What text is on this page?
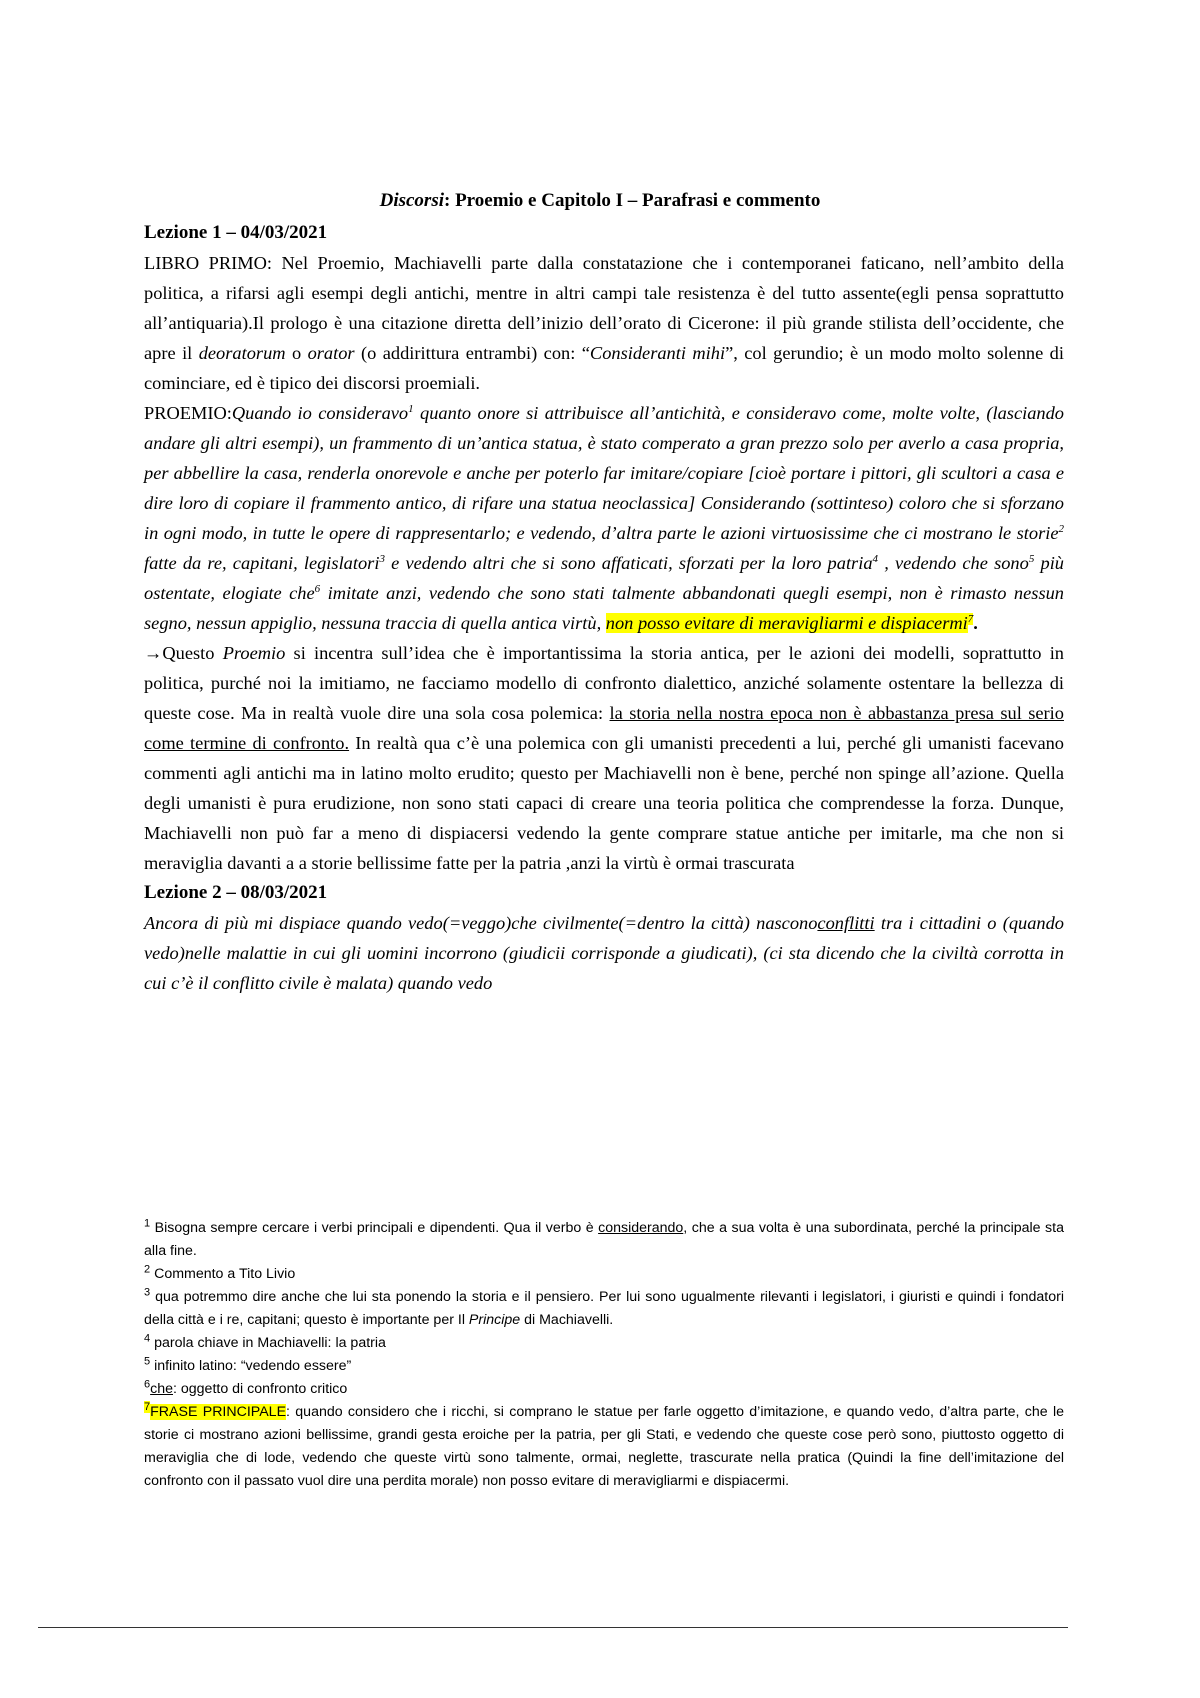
Discorsi: Proemio e Capitolo I – Parafrasi e commento
Lezione 1 – 04/03/2021
LIBRO PRIMO: Nel Proemio, Machiavelli parte dalla constatazione che i contemporanei faticano, nell’ambito della politica, a rifarsi agli esempi degli antichi, mentre in altri campi tale resistenza è del tutto assente(egli pensa soprattutto all’antiquaria).Il prologo è una citazione diretta dell’inizio dell’orato di Cicerone: il più grande stilista dell’occidente, che apre il deoratorum o orator (o addirittura entrambi) con: “Consideranti mihi”, col gerundio; è un modo molto solenne di cominciare, ed è tipico dei discorsi proemiali.
PROEMIO:Quando io consideravo$^1$ quanto onore si attribuisce all’antichità, e consideravo come, molte volte, (lasciando andare gli altri esempi), un frammento di un’antica statua, è stato comperato a gran prezzo solo per averlo a casa propria, per abbellire la casa, renderla onorevole e anche per poterlo far imitare/copiare [cioè portare i pittori, gli scultori a casa e dire loro di copiare il frammento antico, di rifare una statua neoclassica] Considerando (sottinteso) coloro che si sforzano in ogni modo, in tutte le opere di rappresentarlo; e vedendo, d’altra parte le azioni virtuosissime che ci mostrano le storie$^2$ fatte da re, capitani, legislatori$^3$ e vedendo altri che si sono affaticati, sforzati per la loro patria$^4$ , vedendo che sono$^5$ più ostentate, elogiate che$^6$ imitate anzi, vedendo che sono stati talmente abbandonati quegli esempi, non è rimasto nessun segno, nessun appiglio, nessuna traccia di quella antica virtù, non posso evitare di meravigliarmi e dispiacermi$^7$.
→Questo Proemio si incentra sull’idea che è importantissima la storia antica, per le azioni dei modelli, soprattutto in politica, purché noi la imitiamo, ne facciamo modello di confronto dialettico, anziché solamente ostentare la bellezza di queste cose. Ma in realtà vuole dire una sola cosa polemica: la storia nella nostra epoca non è abbastanza presa sul serio come termine di confronto. In realtà qua c’è una polemica con gli umanisti precedenti a lui, perché gli umanisti facevano commenti agli antichi ma in latino molto erudito; questo per Machiavelli non è bene, perché non spinge all’azione. Quella degli umanisti è pura erudizione, non sono stati capaci di creare una teoria politica che comprendesse la forza. Dunque, Machiavelli non può far a meno di dispiacersi vedendo la gente comprare statue antiche per imitarle, ma che non si meraviglia davanti a a storie bellissime fatte per la patria ,anzi la virtù è ormai trascurata
Lezione 2 – 08/03/2021
Ancora di più mi dispiace quando vedo(=veggo)che civilmente(=dentro la città) nasconoconflitti tra i cittadini o (quando vedo)nelle malattie in cui gli uomini incorrono (giudicii corrisponde a giudicati), (ci sta dicendo che la civiltà corrotta in cui c’è il conflitto civile è malata) quando vedo
$^1$ Bisogna sempre cercare i verbi principali e dipendenti. Qua il verbo è considerando, che a sua volta è una subordinata, perché la principale sta alla fine.
$^2$ Commento a Tito Livio
$^3$ qua potremmo dire anche che lui sta ponendo la storia e il pensiero. Per lui sono ugualmente rilevanti i legislatori, i giuristi e quindi i fondatori della città e i re, capitani; questo è importante per Il Principe di Machiavelli.
$^4$ parola chiave in Machiavelli: la patria
$^5$ infinito latino: “vedendo essere”
$^6$che: oggetto di confronto critico
$^7$FRASE PRINCIPALE: quando considero che i ricchi, si comprano le statue per farle oggetto d’imitazione, e quando vedo, d’altra parte, che le storie ci mostrano azioni bellissime, grandi gesta eroiche per la patria, per gli Stati, e vedendo che queste cose però sono, piuttosto oggetto di meraviglia che di lode, vedendo che queste virtù sono talmente, ormai, neglette, trascurate nella pratica (Quindi la fine dell’imitazione del confronto con il passato vuol dire una perdita morale) non posso evitare di meravigliarmi e dispiacermi.
